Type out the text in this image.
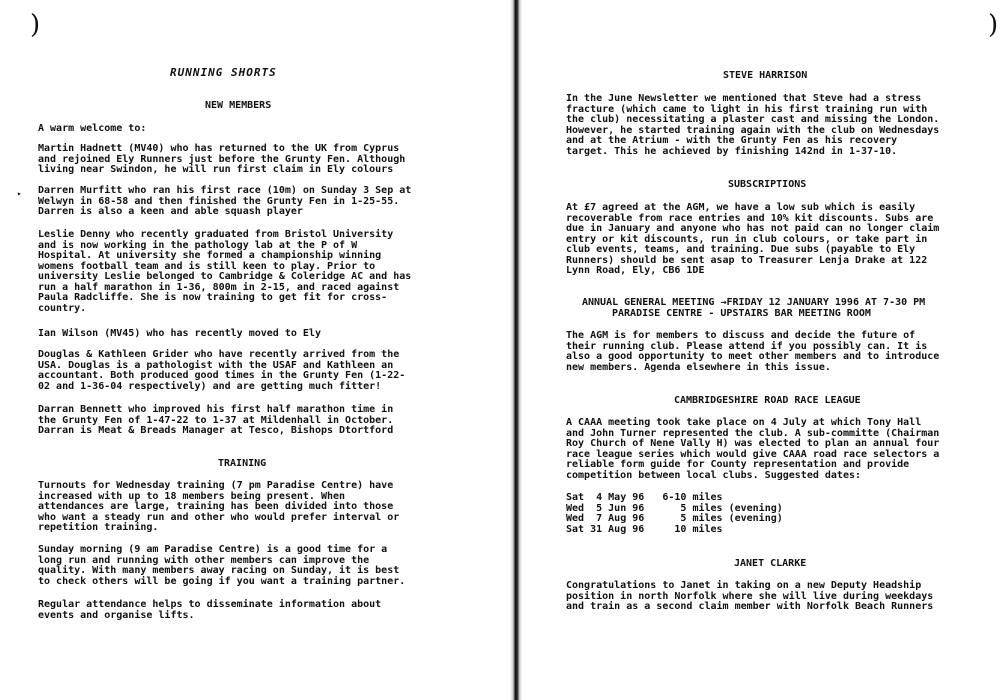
)
RUNNING SHORTS
NEW MEMBERS
A warm welcome to:
Martin Hadnett (MV40) who has returned to the UK from Cyprus
and rejoined Ely Runners just before the Grunty Fen. Although
living near Swindon, he will run first claim in Ely colours
▸ Darren Murfitt who ran his first race (10m) on Sunday 3 Sep at
Welwyn in 68-58 and then finished the Grunty Fen in 1-25-55.
Darren is also a keen and able squash player
Leslie Denny who recently graduated from Bristol University
and is now working in the pathology lab at the P of W
Hospital. At university she formed a championship winning
womens football team and is still keen to play. Prior to
university Leslie belonged to Cambridge & Coleridge AC and has
run a half marathon in 1-36, 800m in 2-15, and raced against
Paula Radcliffe. She is now training to get fit for cross-
country.
Ian Wilson (MV45) who has recently moved to Ely
Douglas & Kathleen Grider who have recently arrived from the
USA. Douglas is a pathologist with the USAF and Kathleen an
accountant. Both produced good times in the Grunty Fen (1-22-
02 and 1-36-04 respectively) and are getting much fitter!
Darran Bennett who improved his first half marathon time in
the Grunty Fen of 1-47-22 to 1-37 at Mildenhall in October.
Darran is Meat & Breads Manager at Tesco, Bishops Dtortford
TRAINING
Turnouts for Wednesday training (7 pm Paradise Centre) have
increased with up to 18 members being present. When
attendances are large, training has been divided into those
who want a steady run and other who would prefer interval or
repetition training.
Sunday morning (9 am Paradise Centre) is a good time for a
long run and running with other members can improve the
quality. With many members away racing on Sunday, it is best
to check others will be going if you want a training partner.
Regular attendance helps to disseminate information about
events and organise lifts.
)
STEVE HARRISON
In the June Newsletter we mentioned that Steve had a stress
fracture (which came to light in his first training run with
the club) necessitating a plaster cast and missing the London.
However, he started training again with the club on Wednesdays
and at the Atrium - with the Grunty Fen as his recovery
target. This he achieved by finishing 142nd in 1-37-10.
SUBSCRIPTIONS
At £7 agreed at the AGM, we have a low sub which is easily
recoverable from race entries and 10% kit discounts. Subs are
due in January and anyone who has not paid can no longer claim
entry or kit discounts, run in club colours, or take part in
club events, teams, and training. Due subs (payable to Ely
Runners) should be sent asap to Treasurer Lenja Drake at 122
Lynn Road, Ely, CB6 1DE
ANNUAL GENERAL MEETING →FRIDAY 12 JANUARY 1996 AT 7-30 PM
PARADISE CENTRE - UPSTAIRS BAR MEETING ROOM
The AGM is for members to discuss and decide the future of
their running club. Please attend if you possibly can. It is
also a good opportunity to meet other members and to introduce
new members. Agenda elsewhere in this issue.
CAMBRIDGESHIRE ROAD RACE LEAGUE
A CAAA meeting took take place on 4 July at which Tony Hall
and John Turner represented the club. A sub-committe (Chairman
Roy Church of Nene Vally H) was elected to plan an annual four
race league series which would give CAAA road race selectors a
reliable form guide for County representation and provide
competition between local clubs. Suggested dates:
Sat  4 May 96   6-10 miles
Wed  5 Jun 96      5 miles (evening)
Wed  7 Aug 96      5 miles (evening)
Sat 31 Aug 96     10 miles
JANET CLARKE
Congratulations to Janet in taking on a new Deputy Headship
position in north Norfolk where she will live during weekdays
and train as a second claim member with Norfolk Beach Runners
